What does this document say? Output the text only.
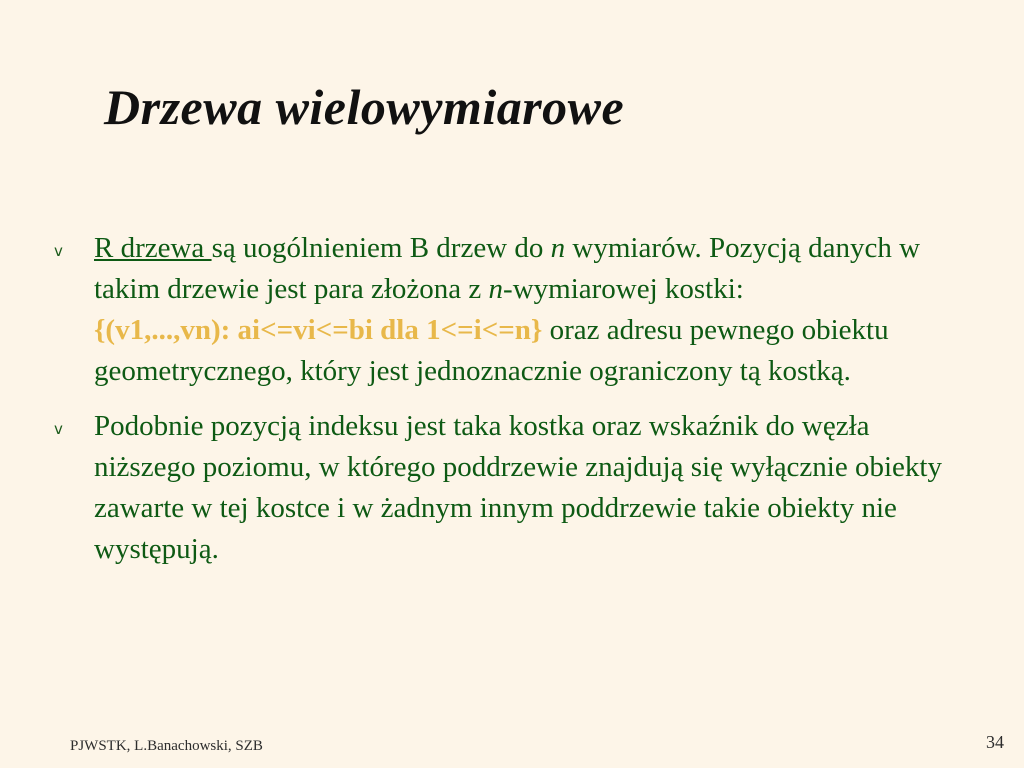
Drzewa wielowymiarowe
v	R drzewa są uogólnieniem B drzew do n wymiarów. Pozycją danych w takim drzewie jest para złożona z n-wymiarowej kostki:
{(v1,...,vn): ai<=vi<=bi dla 1<=i<=n} oraz adresu pewnego obiektu geometrycznego, który jest jednoznacznie ograniczony tą kostką.
v	Podobnie pozycją indeksu jest taka kostka oraz wskaźnik do węzła niższego poziomu, w którego poddrzewie znajdują się wyłącznie obiekty zawarte w tej kostce i w żadnym innym poddrzewie takie obiekty nie występują.
PJWSTK, L.Banachowski, SZB	34
